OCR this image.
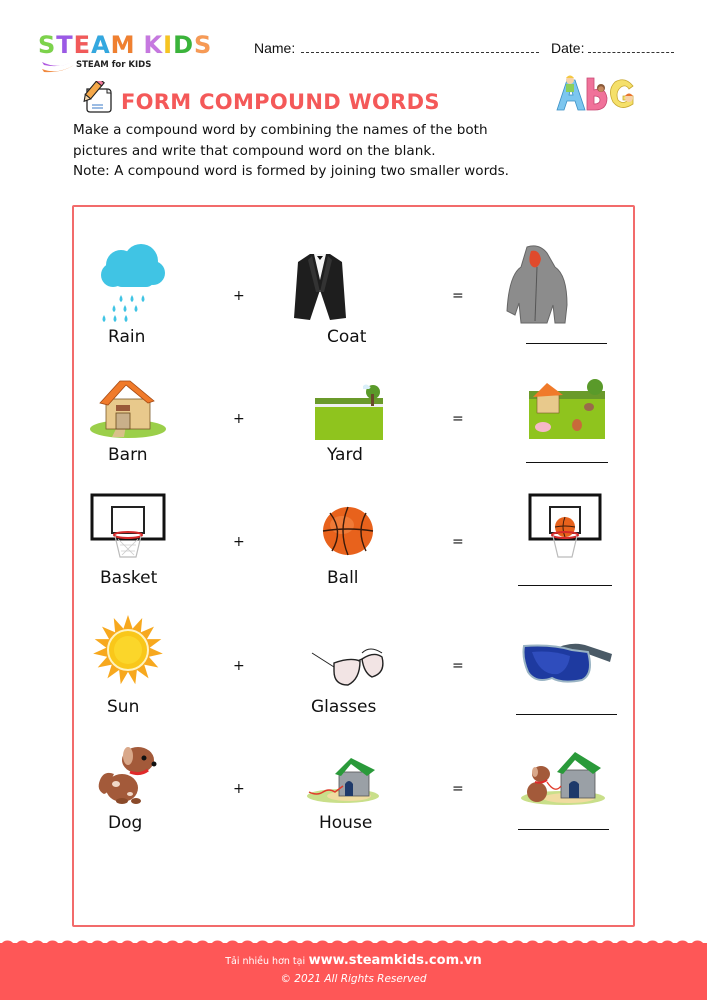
STEAM KIDS
STEAM for KIDS
Name:	Date:
FORM COMPOUND WORDS

Make a compound word by combining the names of the both

pictures and write that compound word on the blank.

Note: A compound word is formed by joining two smaller words.

Rain
+
Coat
=
Barn
+
Yard
=
Basket
+
Ball
=
Sun
+
Glasses
=
Dog
+
House
=
Tải nhiều hơn tại www.steamkids.com.vn
© 2021 All Rights Reserved
